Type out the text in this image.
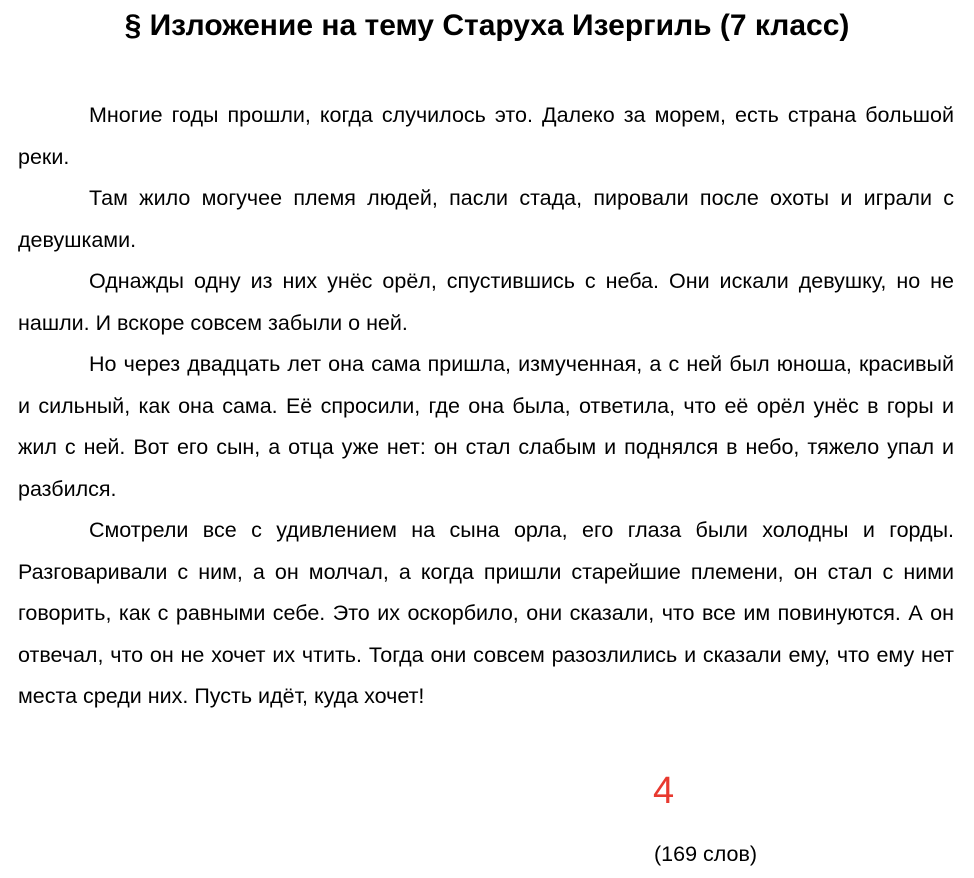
§ Изложение на тему Старуха Изергиль (7 класс)

Многие годы прошли, когда случилось это. Далеко за морем, есть страна большой реки.

Там жило могучее племя людей, пасли стада, пировали после охоты и играли с девушками.

Однажды одну из них унёс орёл, спустившись с неба. Они искали девушку, но не нашли. И вскоре совсем забыли о ней.

Но через двадцать лет она сама пришла, измученная, а с ней был юноша, красивый и сильный, как она сама. Её спросили, где она была, ответила, что её орёл унёс в горы и жил с ней. Вот его сын, а отца уже нет: он стал слабым и поднялся в небо, тяжело упал и разбился.

Смотрели все с удивлением на сына орла, его глаза были холодны и горды. Разговаривали с ним, а он молчал, а когда пришли старейшие племени, он стал с ними говорить, как с равными себе. Это их оскорбило, они сказали, что все им повинуются. А он отвечал, что он не хочет их чтить. Тогда они совсем разозлились и сказали ему, что ему нет места среди них. Пусть идёт, куда хочет!

4
(169 слов)
